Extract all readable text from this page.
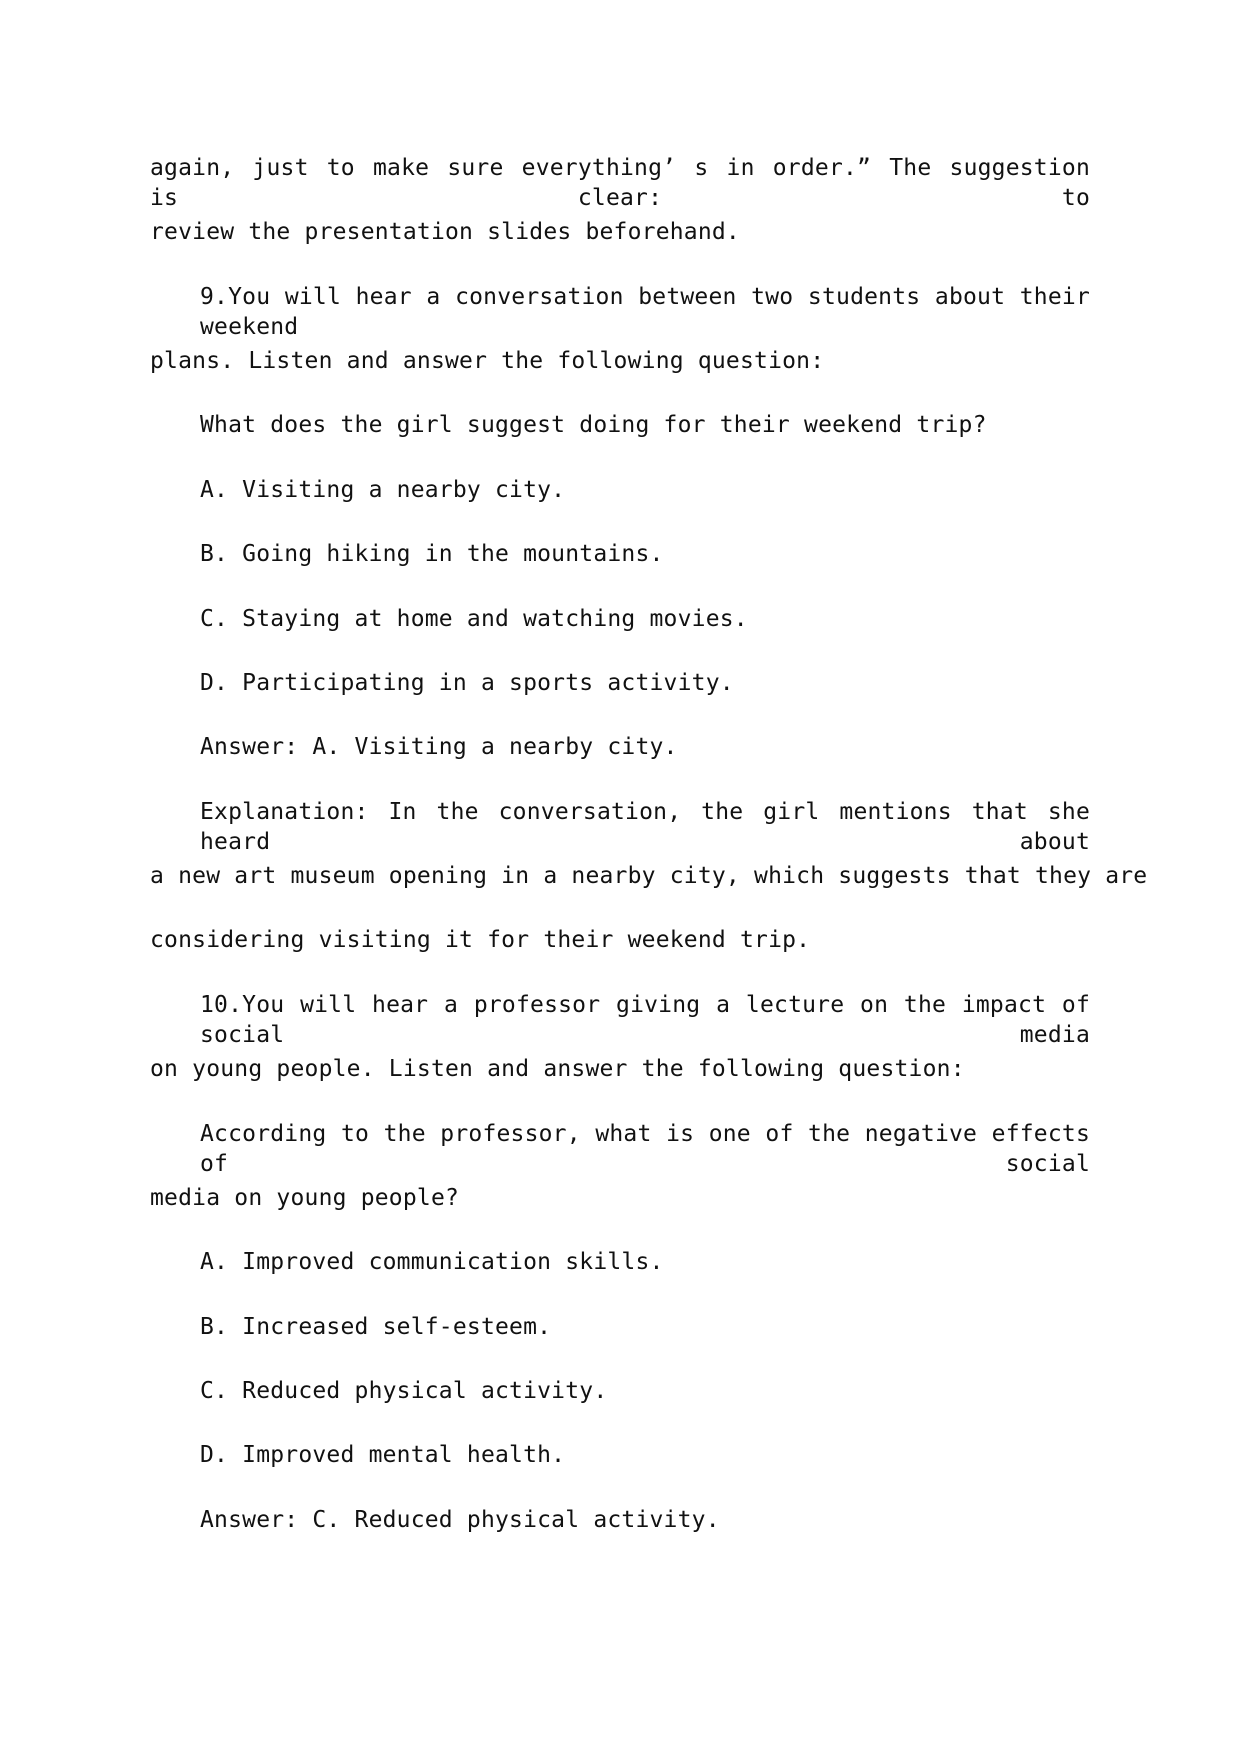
again, just to make sure everything’ s in order.” The suggestion is clear: to
review the presentation slides beforehand.
9.You will hear a conversation between two students about their weekend
plans. Listen and answer the following question:
What does the girl suggest doing for their weekend trip?
A. Visiting a nearby city.
B. Going hiking in the mountains.
C. Staying at home and watching movies.
D. Participating in a sports activity.
Answer: A. Visiting a nearby city.
Explanation: In the conversation, the girl mentions that she heard about
a new art museum opening in a nearby city, which suggests that they are
considering visiting it for their weekend trip.
10.You will hear a professor giving a lecture on the impact of social media
on young people. Listen and answer the following question:
According to the professor, what is one of the negative effects of social
media on young people?
A. Improved communication skills.
B. Increased self-esteem.
C. Reduced physical activity.
D. Improved mental health.
Answer: C. Reduced physical activity.
